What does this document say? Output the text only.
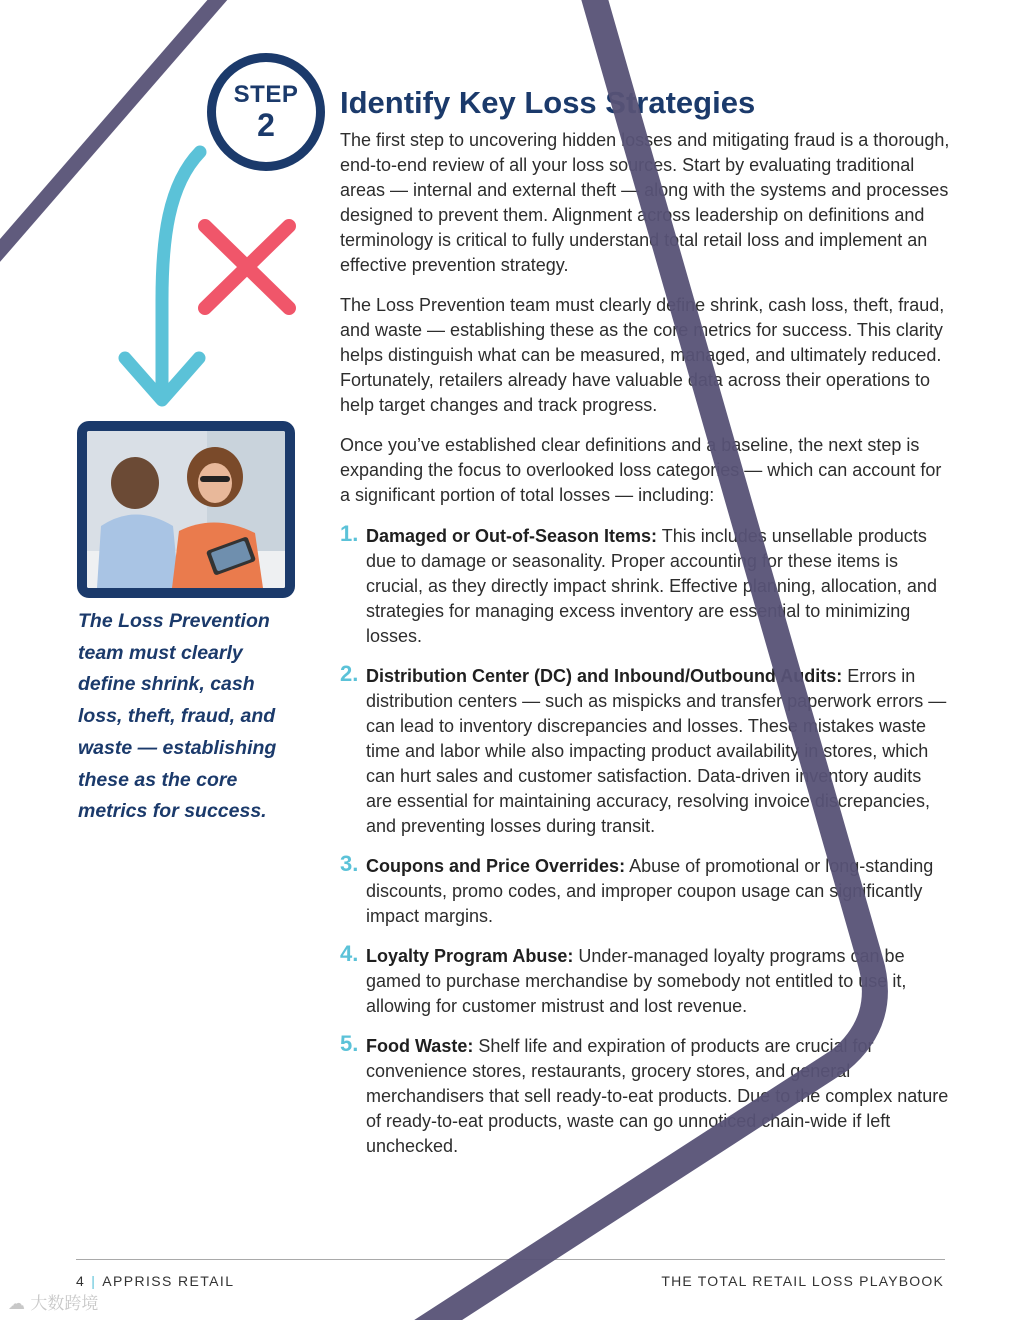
STEP
2
The Loss Prevention team must clearly define shrink, cash loss, theft, fraud, and waste — establishing these as the core metrics for success.
Identify Key Loss Strategies

The first step to uncovering hidden losses and mitigating fraud is a thorough, end-to-end review of all your loss sources. Start by evaluating traditional areas — internal and external theft — along with the systems and processes designed to prevent them. Alignment across leadership on definitions and terminology is critical to fully understand total retail loss and implement an effective prevention strategy.

The Loss Prevention team must clearly define shrink, cash loss, theft, fraud, and waste — establishing these as the core metrics for success. This clarity helps distinguish what can be measured, managed, and ultimately reduced. Fortunately, retailers already have valuable data across their operations to help target changes and track progress.

Once you’ve established clear definitions and a baseline, the next step is expanding the focus to overlooked loss categories — which can account for a significant portion of total losses — including:

1. Damaged or Out-of-Season Items: This includes unsellable products due to damage or seasonality. Proper accounting for these items is crucial, as they directly impact shrink. Effective planning, allocation, and strategies for managing excess inventory are essential to minimizing losses.
2. Distribution Center (DC) and Inbound/Outbound Audits: Errors in distribution centers — such as mispicks and transfer paperwork errors — can lead to inventory discrepancies and losses. These mistakes waste time and labor while also impacting product availability in stores, which can hurt sales and customer satisfaction. Data-driven inventory audits are essential for maintaining accuracy, resolving invoice discrepancies, and preventing losses during transit.
3. Coupons and Price Overrides: Abuse of promotional or long-standing discounts, promo codes, and improper coupon usage can significantly impact margins.
4. Loyalty Program Abuse: Under-managed loyalty programs can be gamed to purchase merchandise by somebody not entitled to use it, allowing for customer mistrust and lost revenue.
5. Food Waste: Shelf life and expiration of products are crucial for convenience stores, restaurants, grocery stores, and general merchandisers that sell ready-to-eat products. Due to the complex nature of ready-to-eat products, waste can go unnoticed chain-wide if left unchecked.
4 | APPRISS RETAIL	THE TOTAL RETAIL LOSS PLAYBOOK
☁ 大数跨境
